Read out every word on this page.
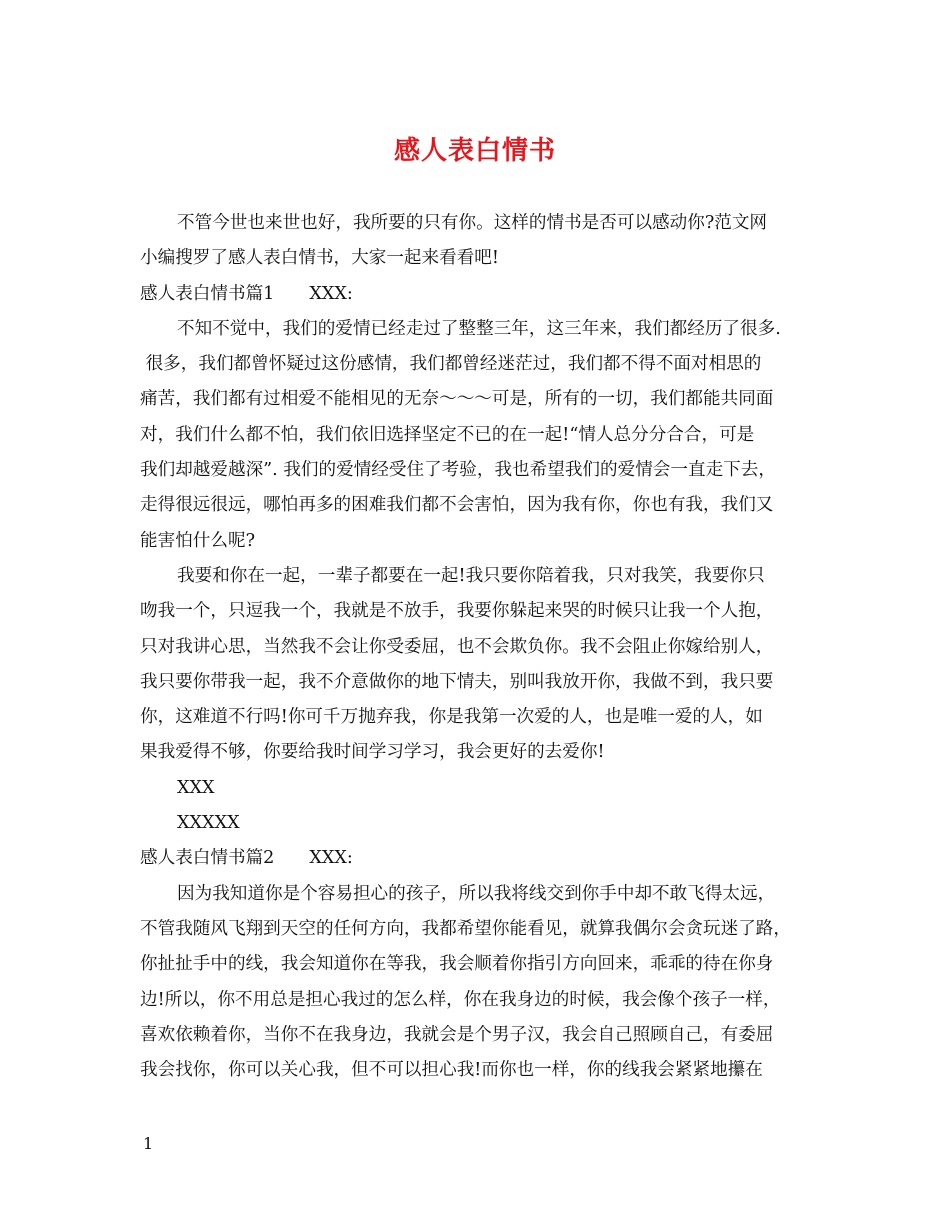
感人表白情书
不管今世也来世也好，我所要的只有你。这样的情书是否可以感动你?范文网
小编搜罗了感人表白情书，大家一起来看看吧!
感人表白情书篇1 XXX:
不知不觉中，我们的爱情已经走过了整整三年，这三年来，我们都经历了很多.
很多，我们都曾怀疑过这份感情，我们都曾经迷茫过，我们都不得不面对相思的
痛苦，我们都有过相爱不能相见的无奈～～～可是，所有的一切，我们都能共同面
对，我们什么都不怕，我们依旧选择坚定不已的在一起!“情人总分分合合，可是
我们却越爱越深”. 我们的爱情经受住了考验，我也希望我们的爱情会一直走下去，
走得很远很远，哪怕再多的困难我们都不会害怕，因为我有你，你也有我，我们又
能害怕什么呢?
我要和你在一起，一辈子都要在一起!我只要你陪着我，只对我笑，我要你只
吻我一个，只逗我一个，我就是不放手，我要你躲起来哭的时候只让我一个人抱，
只对我讲心思，当然我不会让你受委屈，也不会欺负你。我不会阻止你嫁给别人，
我只要你带我一起，我不介意做你的地下情夫，别叫我放开你，我做不到，我只要
你，这难道不行吗!你可千万抛弃我，你是我第一次爱的人，也是唯一爱的人，如
果我爱得不够，你要给我时间学习学习，我会更好的去爱你!
XXX
XXXXX
感人表白情书篇2 XXX:
因为我知道你是个容易担心的孩子，所以我将线交到你手中却不敢飞得太远，
不管我随风飞翔到天空的任何方向，我都希望你能看见，就算我偶尔会贪玩迷了路，
你扯扯手中的线，我会知道你在等我，我会顺着你指引方向回来，乖乖的待在你身
边!所以，你不用总是担心我过的怎么样，你在我身边的时候，我会像个孩子一样，
喜欢依赖着你，当你不在我身边，我就会是个男子汉，我会自己照顾自己，有委屈
我会找你，你可以关心我，但不可以担心我!而你也一样，你的线我会紧紧地攥在
1
